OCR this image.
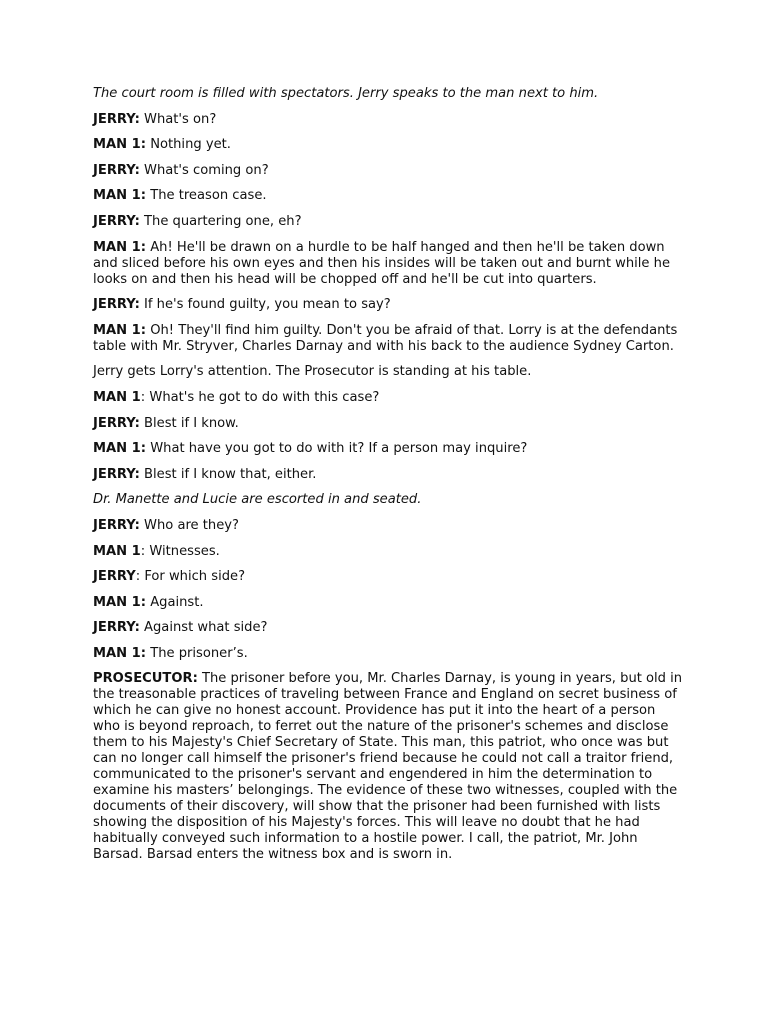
The court room is filled with spectators. Jerry speaks to the man next to him.

JERRY: What's on?

MAN 1: Nothing yet.

JERRY: What's coming on?

MAN 1: The treason case.

JERRY: The quartering one, eh?

MAN 1: Ah! He'll be drawn on a hurdle to be half hanged and then he'll be taken down and sliced before his own eyes and then his insides will be taken out and burnt while he looks on and then his head will be chopped off and he'll be cut into quarters.

JERRY: If he's found guilty, you mean to say?

MAN 1: Oh! They'll find him guilty. Don't you be afraid of that. Lorry is at the defendants table with Mr. Stryver, Charles Darnay and with his back to the audience Sydney Carton.

Jerry gets Lorry's attention. The Prosecutor is standing at his table.

MAN 1: What's he got to do with this case?

JERRY: Blest if I know.

MAN 1: What have you got to do with it? If a person may inquire?

JERRY: Blest if I know that, either.

Dr. Manette and Lucie are escorted in and seated.

JERRY: Who are they?

MAN 1: Witnesses.

JERRY: For which side?

MAN 1: Against.

JERRY: Against what side?

MAN 1: The prisoner’s.

PROSECUTOR: The prisoner before you, Mr. Charles Darnay, is young in years, but old in the treasonable practices of traveling between France and England on secret business of which he can give no honest account. Providence has put it into the heart of a person who is beyond reproach, to ferret out the nature of the prisoner's schemes and disclose them to his Majesty's Chief Secretary of State. This man, this patriot, who once was but can no longer call himself the prisoner's friend because he could not call a traitor friend, communicated to the prisoner's servant and engendered in him the determination to examine his masters’ belongings. The evidence of these two witnesses, coupled with the documents of their discovery, will show that the prisoner had been furnished with lists showing the disposition of his Majesty's forces. This will leave no doubt that he had habitually conveyed such information to a hostile power. I call, the patriot, Mr. John Barsad. Barsad enters the witness box and is sworn in.
